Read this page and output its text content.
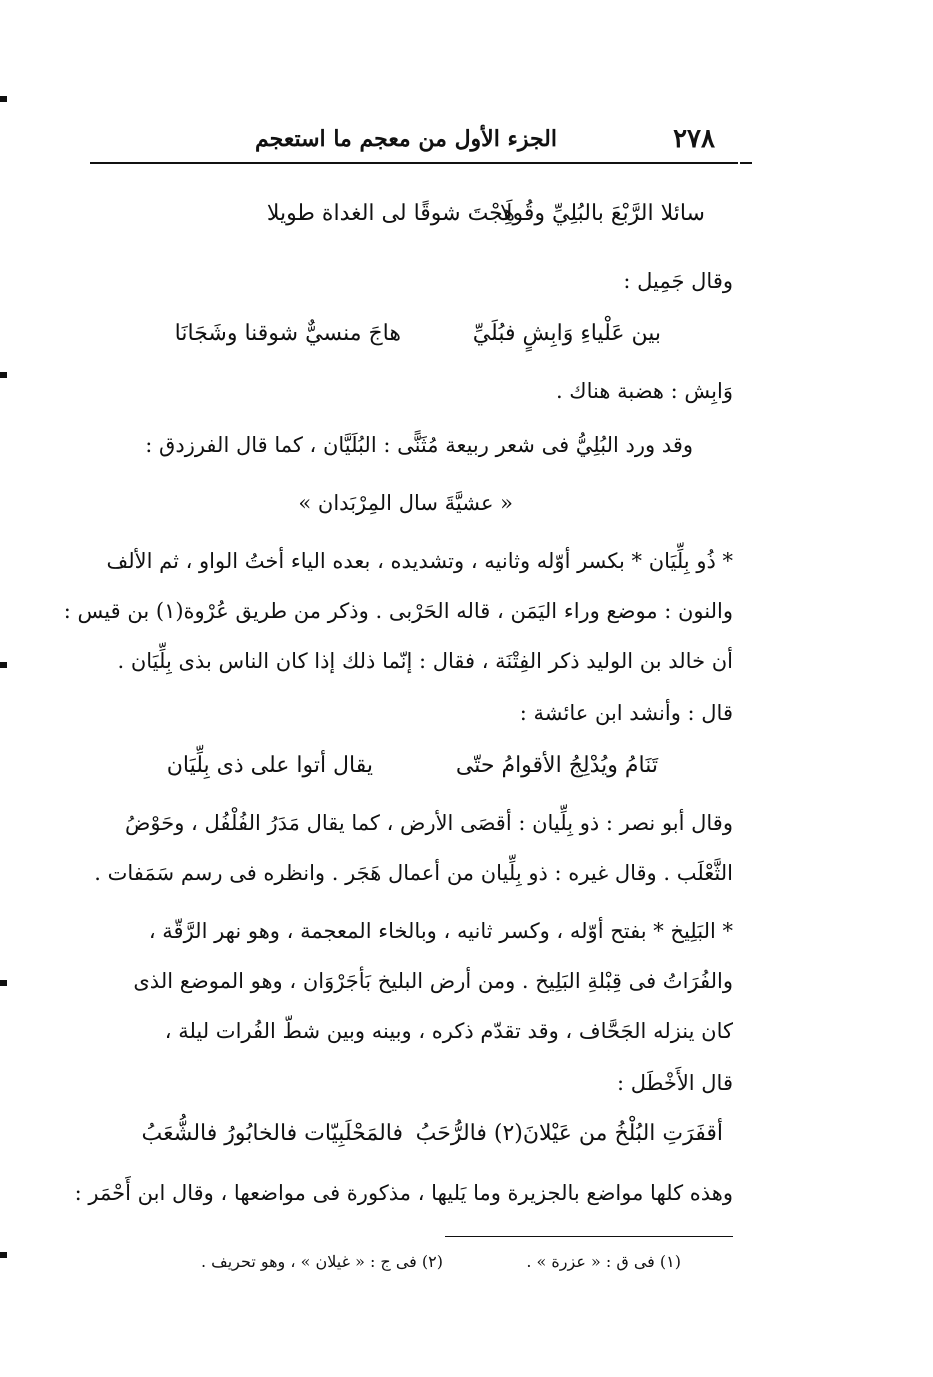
٢٧٨
الجزء الأول من معجم ما استعجم
سائلا الرَّبْعَ بالبُلِيِّ وقُولَا
هِجْتَ شوقًا لى الغداة طويلا
وقال جَمِيل :
بين عَلْياءِ وَابِشٍ فبُلَيِّ
هاجَ منسيٌّ شوقنا وشَجَانَا
وَابِش : هضبة هناك .
وقد ورد البُلِيُّ فى شعر ربيعة مُثَنًّى : البُلَيَّان ، كما قال الفرزدق :
« عشيَّةَ سال المِرْبَدان »
* ذُو بِلِّيَان * بكسر أوّله وثانيه ، وتشديده ، بعده الياء أختُ الواو ، ثم الألف
والنون : موضع وراء اليَمَن ، قاله الحَرْبى . وذكر من طريق عُرْوة(١) بن قيس :
أن خالد بن الوليد ذكر الفِتْنَة ، فقال : إنّما ذلك إذا كان الناس بذى بِلِّيَان .
قال : وأنشد ابن عائشة :
تَنَامُ ويُدْلِجُ الأقوامُ حتّى
يقال أتوا على ذى بِلِّيَان
وقال أبو نصر : ذو بِلِّيان : أقصَى الأرض ، كما يقال مَدَرُ الفُلْفُل ، وحَوْضُ
الثَّعْلَب . وقال غيره : ذو بِلِّيان من أعمال هَجَر . وانظره فى رسم سَمَفات .
* البَلِيخ * بفتح أوّله ، وكسر ثانيه ، وبالخاء المعجمة ، وهو نهر الرَّقّة ،
والفُرَاتُ فى قِبْلةِ البَلِيخ . ومن أرض البليخ بَأجَرْوَان ، وهو الموضع الذى
كان ينزله الجَحَّاف ، وقد تقدّم ذكره ، وبينه وبين شطّ الفُرات ليلة ،
قال الأَخْطَل :
أقفَرَتِ البُلْخُ من عَيْلانَ(٢) فالرُّحَبُ
فالمَحْلَبِيّات فالخابُورُ فالشُّعَبُ
وهذه كلها مواضع بالجزيرة وما يَليها ، مذكورة فى مواضعها ، وقال ابن أَحْمَر :
(١) فى ق : « عزرة » .
(٢) فى ج : « غيلان » ، وهو تحريف .
